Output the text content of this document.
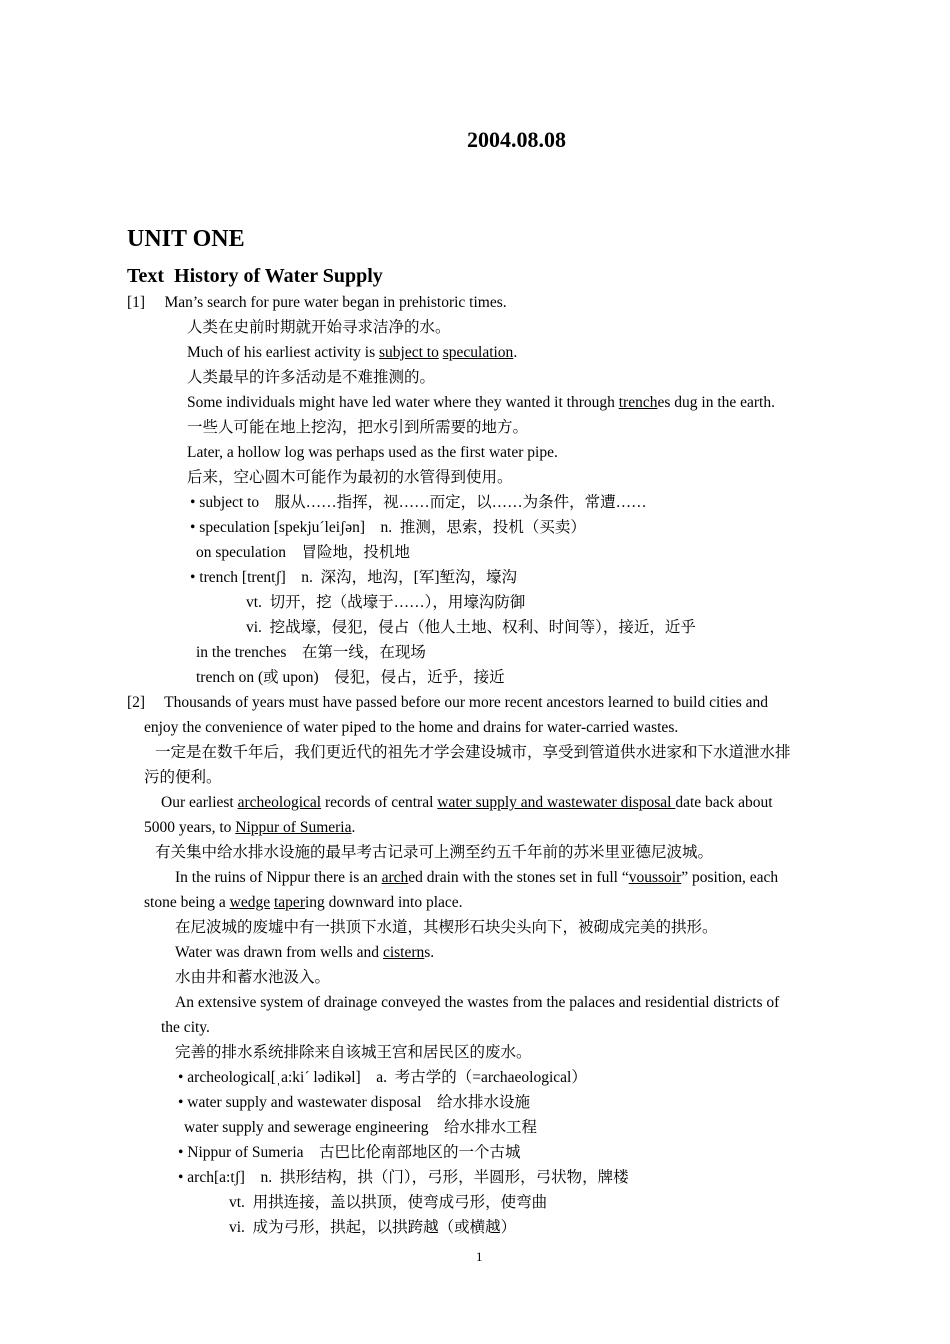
2004.08.08
UNIT ONE
Text  History of Water Supply
[1]     Man’s search for pure water began in prehistoric times.
人类在史前时期就开始寻求洁净的水。
Much of his earliest activity is subject to speculation.
人类最早的许多活动是不难推测的。
Some individuals might have led water where they wanted it through trenches dug in the earth.
一些人可能在地上挖沟，把水引到所需要的地方。
Later, a hollow log was perhaps used as the first water pipe.
后来，空心圆木可能作为最初的水管得到使用。
• subject to    服从……指挥，视……而定，以……为条件，常遭……
• speculation [spekjuˊleiʃən]    n.  推测，思索，投机（买卖）
on speculation    冒险地，投机地
• trench [trentʃ]    n.  深沟，地沟，[军]堑沟，壕沟
vt.  切开，挖（战壕于……），用壕沟防御
vi.  挖战壕，侵犯，侵占（他人土地、权利、时间等），接近，近乎
in the trenches    在第一线，在现场
trench on (或 upon)    侵犯，侵占，近乎，接近
[2]     Thousands of years must have passed before our more recent ancestors learned to build cities and
enjoy the convenience of water piped to the home and drains for water-carried wastes.
一定是在数千年后，我们更近代的祖先才学会建设城市，享受到管道供水进家和下水道泄水排
污的便利。
Our earliest archeological records of central water supply and wastewater disposal date back about
5000 years, to Nippur of Sumeria.
有关集中给水排水设施的最早考古记录可上溯至约五千年前的苏米里亚德尼波城。
In the ruins of Nippur there is an arched drain with the stones set in full “voussoir” position, each
stone being a wedge tapering downward into place.
在尼波城的废墟中有一拱顶下水道，其楔形石块尖头向下，被砌成完美的拱形。
Water was drawn from wells and cisterns.
水由井和蓄水池汲入。
An extensive system of drainage conveyed the wastes from the palaces and residential districts of
the city.
完善的排水系统排除来自该城王宫和居民区的废水。
• archeological[ˌa:kiˊ lədikəl]    a.  考古学的（=archaeological）
• water supply and wastewater disposal    给水排水设施
water supply and sewerage engineering    给水排水工程
• Nippur of Sumeria    古巴比伦南部地区的一个古城
• arch[a:tʃ]    n.  拱形结构，拱（门），弓形，半圆形，弓状物，牌楼
vt.  用拱连接，盖以拱顶，使弯成弓形，使弯曲
vi.  成为弓形，拱起，以拱跨越（或横越）
1
